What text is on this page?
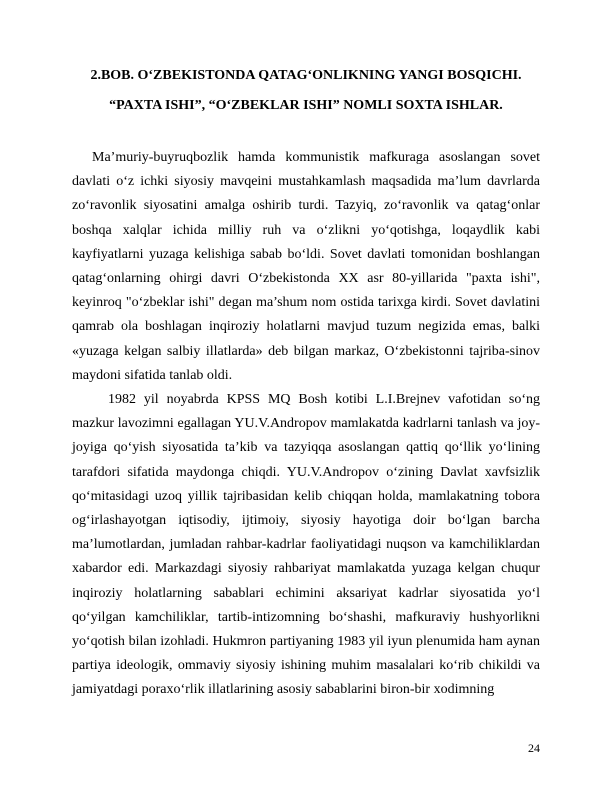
2.BOB. O‘ZBEKISTONDA QATAG‘ONLIKNING YANGI BOSQICHI.
“PAXTA ISHI”, “O‘ZBEKLAR ISHI” NOMLI SOXTA ISHLAR.

Ma’muriy-buyruqbozlik hamda kommunistik mafkuraga asoslangan sovet davlati o‘z ichki siyosiy mavqeini mustahkamlash maqsadida ma’lum davrlarda zo‘ravonlik siyosatini amalga oshirib turdi. Tazyiq, zo‘ravonlik va qatag‘onlar boshqa xalqlar ichida milliy ruh va o‘zlikni yo‘qotishga, loqaydlik kabi kayfiyatlarni yuzaga kelishiga sabab bo‘ldi. Sovet davlati tomonidan boshlangan qatag‘onlarning ohirgi davri O‘zbekistonda XX asr 80-yillarida "paxta ishi", keyinroq "o‘zbeklar ishi" degan ma’shum nom ostida tarixga kirdi. Sovet davlatini qamrab ola boshlagan inqiroziy holatlarni mavjud tuzum negizida emas, balki «yuzaga kelgan salbiy illatlarda» deb bilgan markaz, O‘zbekistonni tajriba-sinov maydoni sifatida tanlab oldi.

1982 yil noyabrda KPSS MQ Bosh kotibi L.I.Brejnev vafotidan so‘ng mazkur lavozimni egallagan YU.V.Andropov mamlakatda kadrlarni tanlash va joy-joyiga qo‘yish siyosatida ta’kib va tazyiqqa asoslangan qattiq qo‘llik yo‘lining tarafdori sifatida maydonga chiqdi. YU.V.Andropov o‘zining Davlat xavfsizlik qo‘mitasidagi uzoq yillik tajribasidan kelib chiqqan holda, mamlakatning tobora og‘irlashayotgan iqtisodiy, ijtimoiy, siyosiy hayotiga doir bo‘lgan barcha ma’lumotlardan, jumladan rahbar-kadrlar faoliyatidagi nuqson va kamchiliklardan xabardor edi. Markazdagi siyosiy rahbariyat mamlakatda yuzaga kelgan chuqur inqiroziy holatlarning sabablari echimini aksariyat kadrlar siyosatida yo‘l qo‘yilgan kamchiliklar, tartib-intizomning bo‘shashi, mafkuraviy hushyorlikni yo‘qotish bilan izohladi. Hukmron partiyaning 1983 yil iyun plenumida ham aynan partiya ideologik, ommaviy siyosiy ishining muhim masalalari ko‘rib chikildi va jamiyatdagi poraxo‘rlik illatlarining asosiy sabablarini biron-bir xodimning

24
